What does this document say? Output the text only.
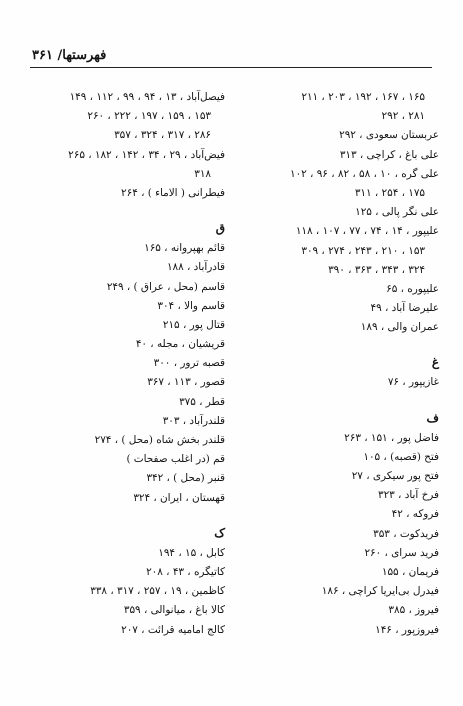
فهرستها/ ۳۶۱
۱۶۵ ، ۱۶۷ ، ۱۹۲ ، ۲۰۳ ، ۲۱۱
۲۸۱ ، ۲۹۲
عربستان سعودی ، ۲۹۲
علی باغ ، کراچی ، ۳۱۳
علی گره ، ۱۰ ، ۵۸ ، ۸۲ ، ۹۶ ، ۱۰۲
۱۷۵ ، ۲۵۴ ، ۳۱۱
علی نگر پالی ، ۱۲۵
علیپور ، ۱۴ ، ۷۴ ، ۷۷ ، ۱۰۷ ، ۱۱۸
۱۵۳ ، ۲۱۰ ، ۲۴۳ ، ۲۷۴ ، ۳۰۹
۳۲۴ ، ۳۴۳ ، ۳۶۳ ، ۳۹۰
علیپوره ، ۶۵
علیرضا آباد ، ۴۹
عمران والی ، ۱۸۹
غ
غازیپور ، ۷۶
ف
فاضل پور ، ۱۵۱ ، ۲۶۳
فتح (قصبه) ، ۱۰۵
فتح پور سیکری ، ۲۷
فرخ آباد ، ۳۲۳
فروکه ، ۴۲
فریدکوت ، ۳۵۳
فرید سرای ، ۲۶۰
فریمان ، ۱۵۵
فیدرل بی‌ایریا کراچی ، ۱۸۶
فیروز ، ۳۸۵
فیروزپور ، ۱۴۶
فیصل‌آباد ، ۱۳ ، ۹۴ ، ۹۹ ، ۱۱۲ ، ۱۴۹
۱۵۳ ، ۱۵۹ ، ۱۹۷ ، ۲۲۲ ، ۲۶۰
۲۸۶ ، ۳۱۷ ، ۳۲۴ ، ۳۵۷
فیض‌آباد ، ۲۹ ، ۳۴ ، ۱۴۲ ، ۱۸۲ ، ۲۶۵
۳۱۸
فیطرانی ( الاماء ) ، ۲۶۴
ق
قائم بهپروانه ، ۱۶۵
قادرآباد ، ۱۸۸
قاسم (محل ، عراق ) ، ۲۴۹
قاسم والا ، ۳۰۴
قتال پور ، ۲۱۵
قریشیان ، مجله ، ۴۰
قصبه ترور ، ۳۰۰
قصور ، ۱۱۳ ، ۳۶۷
قطر ، ۳۷۵
قلندرآباد ، ۳۰۳
قلندر بخش شاه (محل ) ، ۲۷۴
قم (در اغلب صفحات )
قنبر (محل ) ، ۳۴۲
قهستان ، ایران ، ۳۲۴
ک
کابل ، ۱۵ ، ۱۹۴
کاتیگره ، ۴۳ ، ۲۰۸
کاظمین ، ۱۹ ، ۲۵۷ ، ۳۱۷ ، ۳۳۸
کالا باغ ، میانوالی ، ۳۵۹
کالج امامیه قرائت ، ۲۰۷
